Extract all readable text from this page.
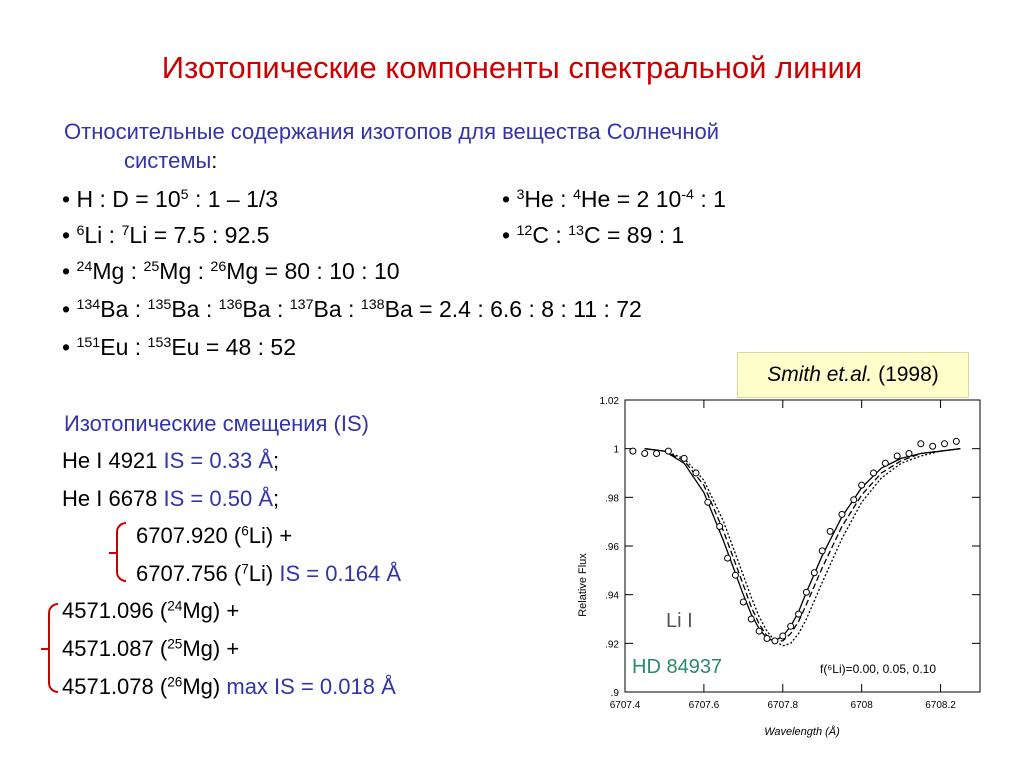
Изотопические компоненты спектральной линии
Относительные содержания изотопов для вещества Солнечной
системы:
• H : $D = 10^5$ : 1 – 1/3	• $^3$He : $^4$He = 2 $10^{-4}$ : 1
• $^6$Li : $^7$Li = 7.5 : 92.5	• $^{12}$C : $^{13}$C = 89 : 1
• $^{24}$Mg : $^{25}$Mg : $^{26}$Mg = 80 : 10 : 10
• $^{134}$Ba : $^{135}$Ba : $^{136}$Ba : $^{137}$Ba : $^{138}$Ba = 2.4 : 6.6 : 8 : 11 : 72
• $^{151}$Eu : $^{153}$Eu = 48 : 52
Smith et.al. (1998)
Изотопические смещения (IS)
He I 4921 IS = 0.33 Å;
He I 6678 IS = 0.50 Å;
6707.920 ($^6$Li) +
6707.756 ($^7$Li) IS = 0.164 Å
4571.096 ($^{24}$Mg) +
4571.087 ($^{25}$Mg) +
4571.078 ($^{26}$Mg) max IS = 0.018 Å
6707.4	6707.6	6707.8	6708	6708.2
.9
.92
.94
.96
.98
1
1.02
Relative Flux
Wavelength (Å)
Li I
HD 84937	f(⁶Li)=0.00, 0.05, 0.10
